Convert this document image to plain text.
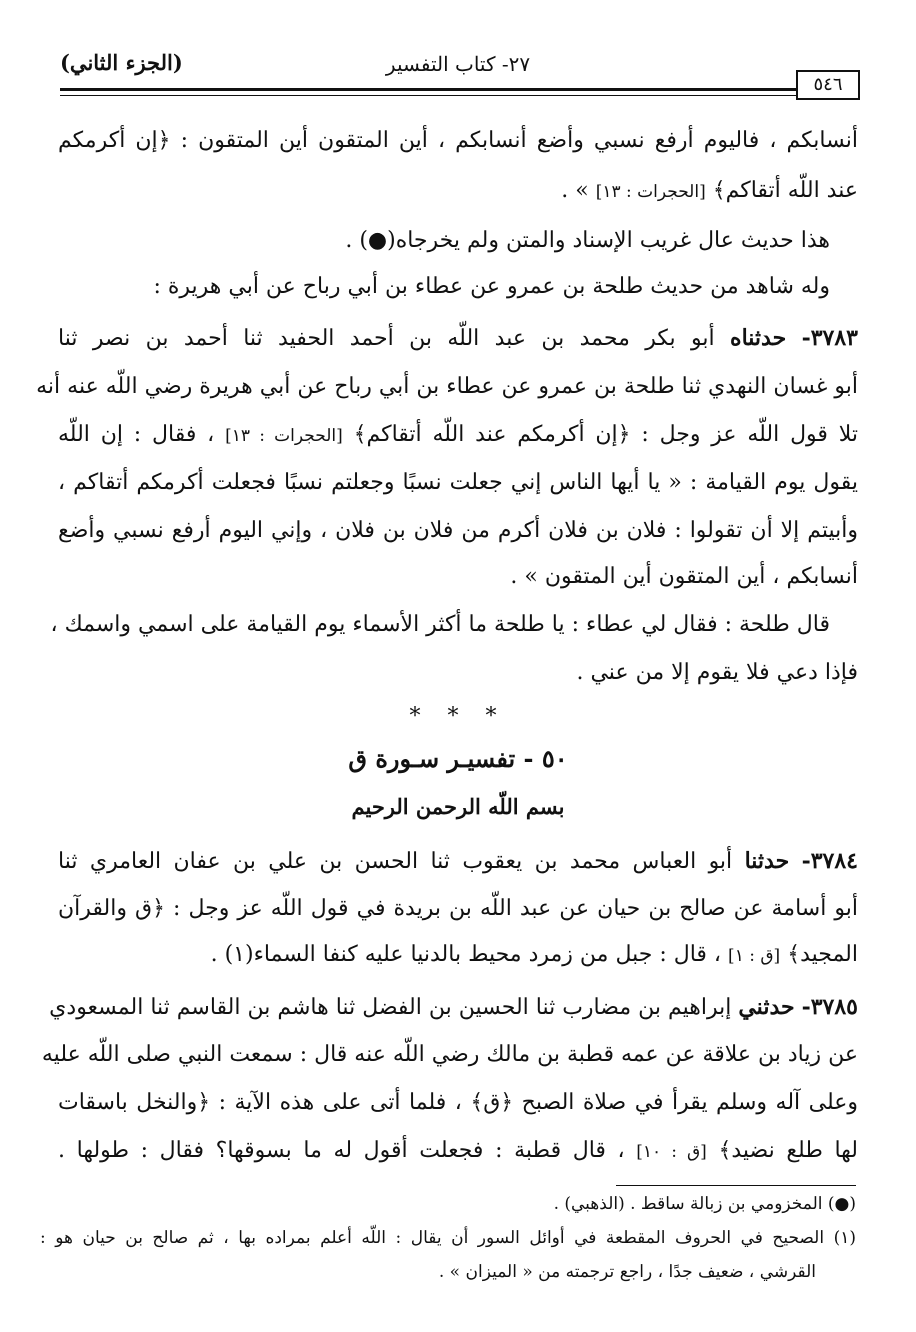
٢٧- كتاب التفسير
(الجزء الثاني)
٥٤٦
أنسابكم ، فاليوم أرفع نسبي وأضع أنسابكم ، أين المتقون أين المتقون : ﴿إن أكرمكم
عند اللّه أتقاكم﴾ [الحجرات : ١٣] » .
هذا حديث عال غريب الإسناد والمتن ولم يخرجاه(●) .
وله شاهد من حديث طلحة بن عمرو عن عطاء بن أبي رباح عن أبي هريرة :
٣٧٨٣- حدثناه أبو بكر محمد بن عبد اللّه بن أحمد الحفيد ثنا أحمد بن نصر ثنا
أبو غسان النهدي ثنا طلحة بن عمرو عن عطاء بن أبي رباح عن أبي هريرة رضي اللّه عنه أنه
تلا قول اللّه عز وجل : ﴿إن أكرمكم عند اللّه أتقاكم﴾ [الحجرات : ١٣] ، فقال : إن اللّه
يقول يوم القيامة : « يا أيها الناس إني جعلت نسبًا وجعلتم نسبًا فجعلت أكرمكم أتقاكم ،
وأبيتم إلا أن تقولوا : فلان بن فلان أكرم من فلان بن فلان ، وإني اليوم أرفع نسبي وأضع
أنسابكم ، أين المتقون أين المتقون » .
قال طلحة : فقال لي عطاء : يا طلحة ما أكثر الأسماء يوم القيامة على اسمي واسمك ،
فإذا دعي فلا يقوم إلا من عني .
* * *
٥٠ - تفسيـر سـورة ق
بسم اللّه الرحمن الرحيم
٣٧٨٤- حدثنا أبو العباس محمد بن يعقوب ثنا الحسن بن علي بن عفان العامري ثنا
أبو أسامة عن صالح بن حيان عن عبد اللّه بن بريدة في قول اللّه عز وجل : ﴿ق والقرآن
المجيد﴾ [ق : ١] ، قال : جبل من زمرد محيط بالدنيا عليه كنفا السماء(١) .
٣٧٨٥- حدثني إبراهيم بن مضارب ثنا الحسين بن الفضل ثنا هاشم بن القاسم ثنا المسعودي
عن زياد بن علاقة عن عمه قطبة بن مالك رضي اللّه عنه قال : سمعت النبي صلى اللّه عليه
وعلى آله وسلم يقرأ في صلاة الصبح ﴿ق﴾ ، فلما أتى على هذه الآية : ﴿والنخل باسقات
لها طلع نضيد﴾ [ق : ١٠] ، قال قطبة : فجعلت أقول له ما بسوقها؟ فقال : طولها .
(●) المخزومي بن زبالة ساقط . (الذهبي) .
(١) الصحيح في الحروف المقطعة في أوائل السور أن يقال : اللّه أعلم بمراده بها ، ثم صالح بن حيان هو :
القرشي ، ضعيف جدًا ، راجع ترجمته من « الميزان » .
